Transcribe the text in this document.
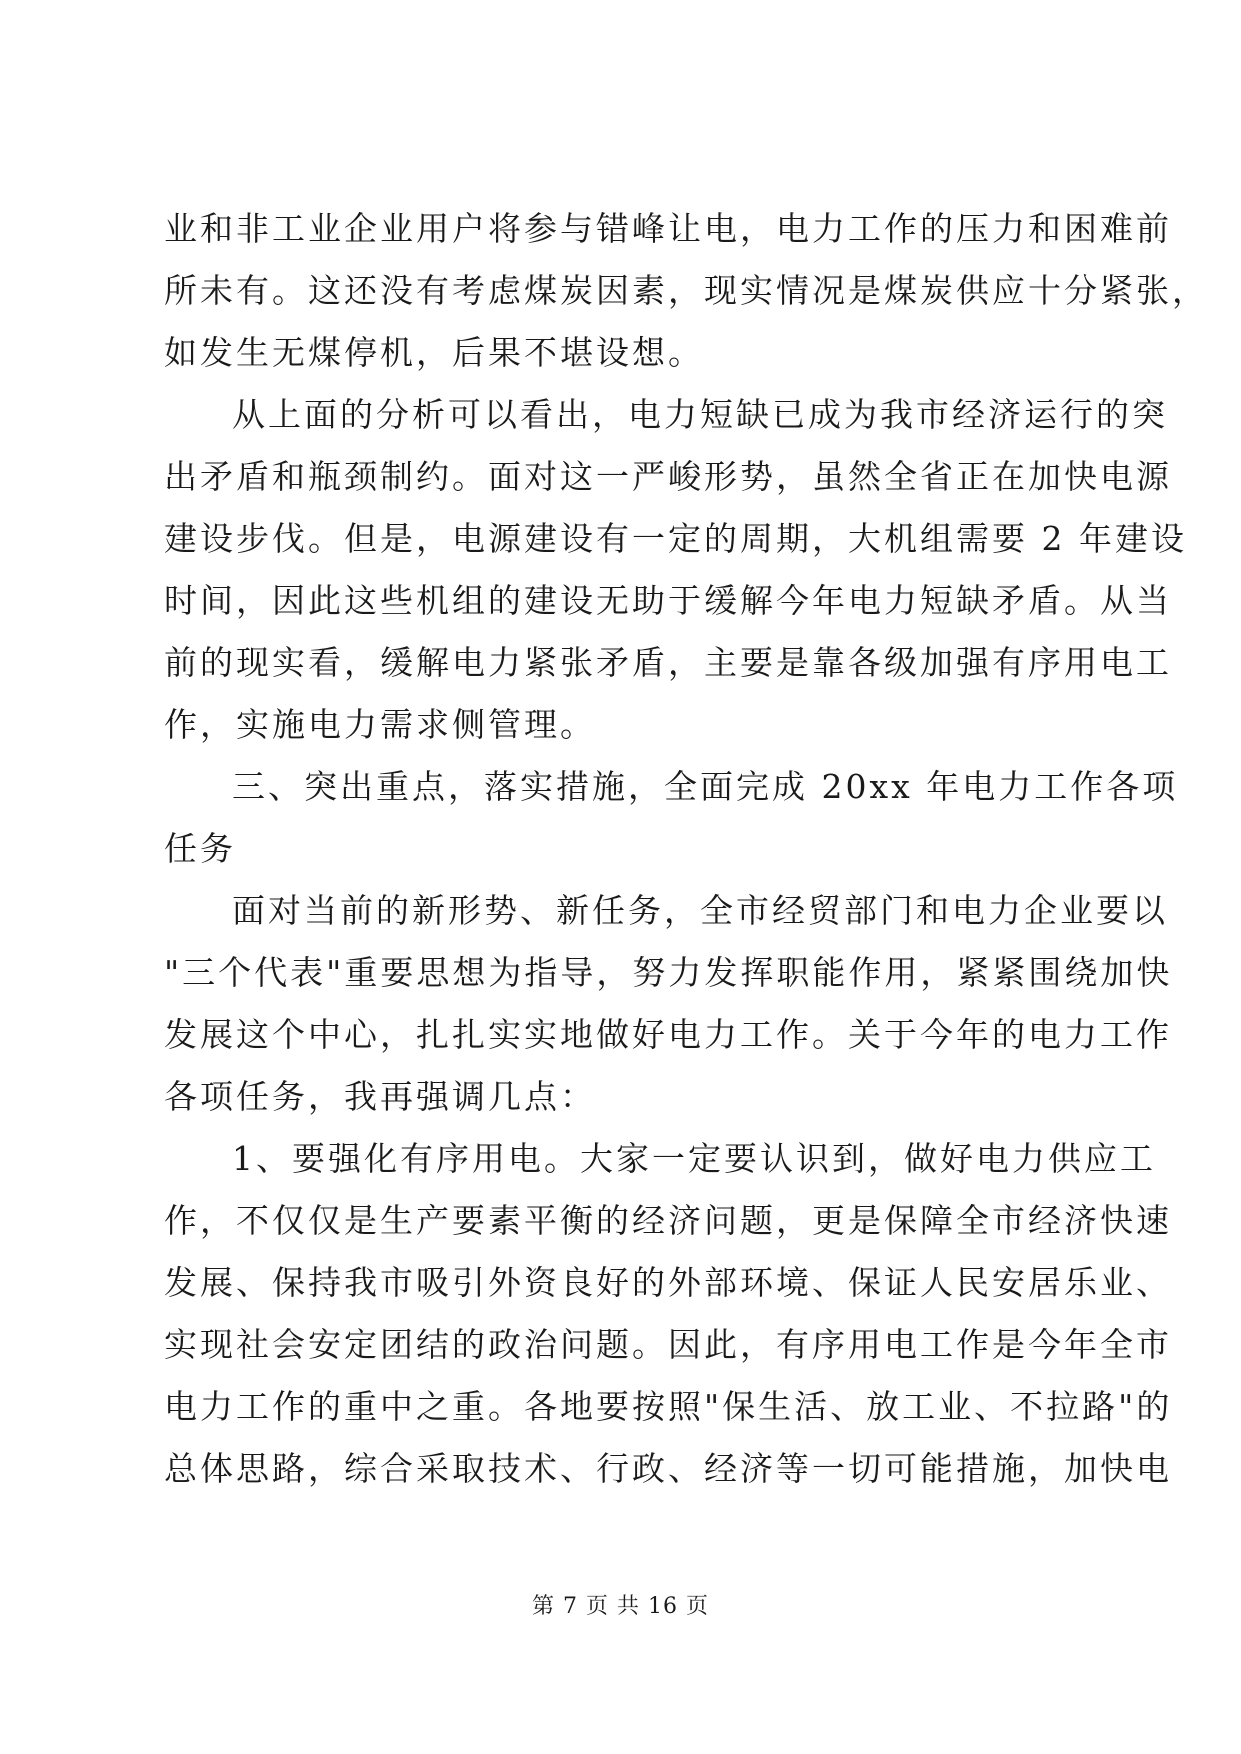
业和非工业企业用户将参与错峰让电，电力工作的压力和困难前
所未有。这还没有考虑煤炭因素，现实情况是煤炭供应十分紧张，
如发生无煤停机，后果不堪设想。
从上面的分析可以看出，电力短缺已成为我市经济运行的突
出矛盾和瓶颈制约。面对这一严峻形势，虽然全省正在加快电源
建设步伐。但是，电源建设有一定的周期，大机组需要 2 年建设
时间，因此这些机组的建设无助于缓解今年电力短缺矛盾。从当
前的现实看，缓解电力紧张矛盾，主要是靠各级加强有序用电工
作，实施电力需求侧管理。
三、突出重点，落实措施，全面完成 20xx 年电力工作各项
任务
面对当前的新形势、新任务，全市经贸部门和电力企业要以
"三个代表"重要思想为指导，努力发挥职能作用，紧紧围绕加快
发展这个中心，扎扎实实地做好电力工作。关于今年的电力工作
各项任务，我再强调几点：
1、要强化有序用电。大家一定要认识到，做好电力供应工
作，不仅仅是生产要素平衡的经济问题，更是保障全市经济快速
发展、保持我市吸引外资良好的外部环境、保证人民安居乐业、
实现社会安定团结的政治问题。因此，有序用电工作是今年全市
电力工作的重中之重。各地要按照"保生活、放工业、不拉路"的
总体思路，综合采取技术、行政、经济等一切可能措施，加快电
第 7 页 共 16 页
